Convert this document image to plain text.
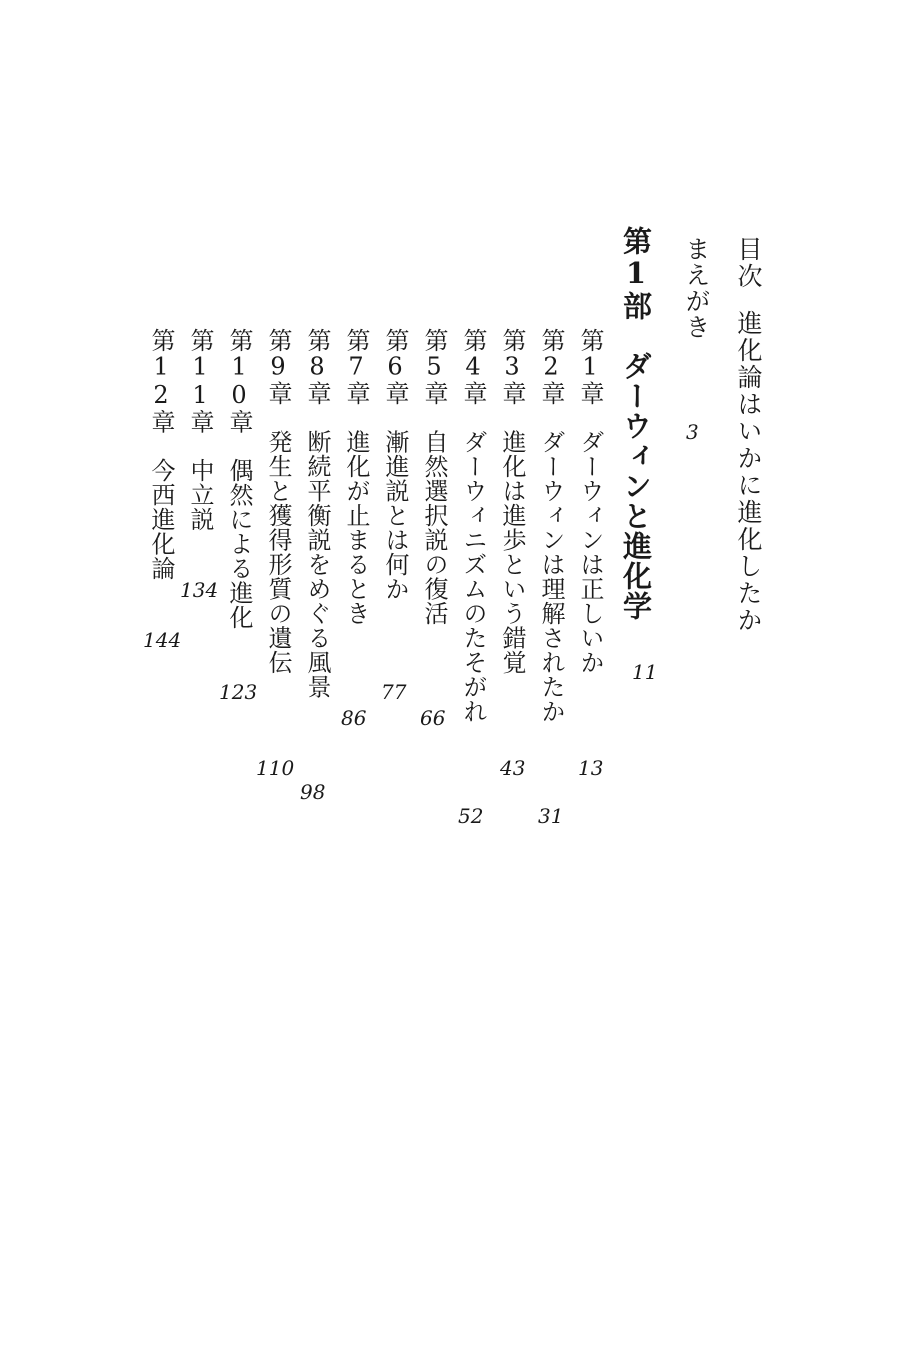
目次進化論はいかに進化したか
まえがき
3
第1部ダーウィンと進化学
11
第1章ダーウィンは正しいか
13
第2章ダーウィンは理解されたか
31
第3章進化は進歩という錯覚
43
第4章ダーウィニズムのたそがれ
52
第5章自然選択説の復活
66
第6章漸進説とは何か
77
第7章進化が止まるとき
86
第8章断続平衡説をめぐる風景
98
第9章発生と獲得形質の遺伝
110
第10章偶然による進化
123
第11章中立説
134
第12章今西進化論
144
